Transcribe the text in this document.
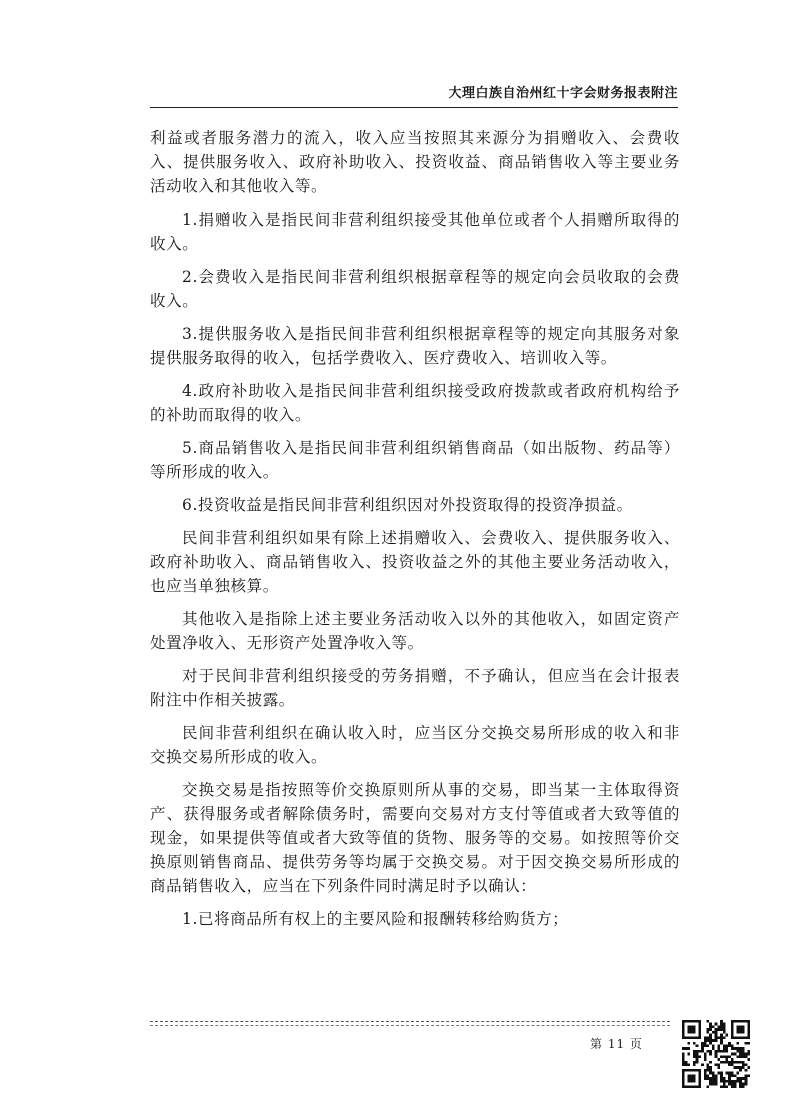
大理白族自治州红十字会财务报表附注

利益或者服务潜力的流入，收入应当按照其来源分为捐赠收入、会费收入、提供服务收入、政府补助收入、投资收益、商品销售收入等主要业务活动收入和其他收入等。

1.捐赠收入是指民间非营利组织接受其他单位或者个人捐赠所取得的收入。

2.会费收入是指民间非营利组织根据章程等的规定向会员收取的会费收入。

3.提供服务收入是指民间非营利组织根据章程等的规定向其服务对象提供服务取得的收入，包括学费收入、医疗费收入、培训收入等。

4.政府补助收入是指民间非营利组织接受政府拨款或者政府机构给予的补助而取得的收入。

5.商品销售收入是指民间非营利组织销售商品（如出版物、药品等）等所形成的收入。

6.投资收益是指民间非营利组织因对外投资取得的投资净损益。

民间非营利组织如果有除上述捐赠收入、会费收入、提供服务收入、政府补助收入、商品销售收入、投资收益之外的其他主要业务活动收入，也应当单独核算。

其他收入是指除上述主要业务活动收入以外的其他收入，如固定资产处置净收入、无形资产处置净收入等。

对于民间非营利组织接受的劳务捐赠，不予确认，但应当在会计报表附注中作相关披露。

民间非营利组织在确认收入时，应当区分交换交易所形成的收入和非交换交易所形成的收入。

交换交易是指按照等价交换原则所从事的交易，即当某一主体取得资产、获得服务或者解除债务时，需要向交易对方支付等值或者大致等值的现金，如果提供等值或者大致等值的货物、服务等的交易。如按照等价交换原则销售商品、提供劳务等均属于交换交易。对于因交换交易所形成的商品销售收入，应当在下列条件同时满足时予以确认：

1.已将商品所有权上的主要风险和报酬转移给购货方；

第 11 页
